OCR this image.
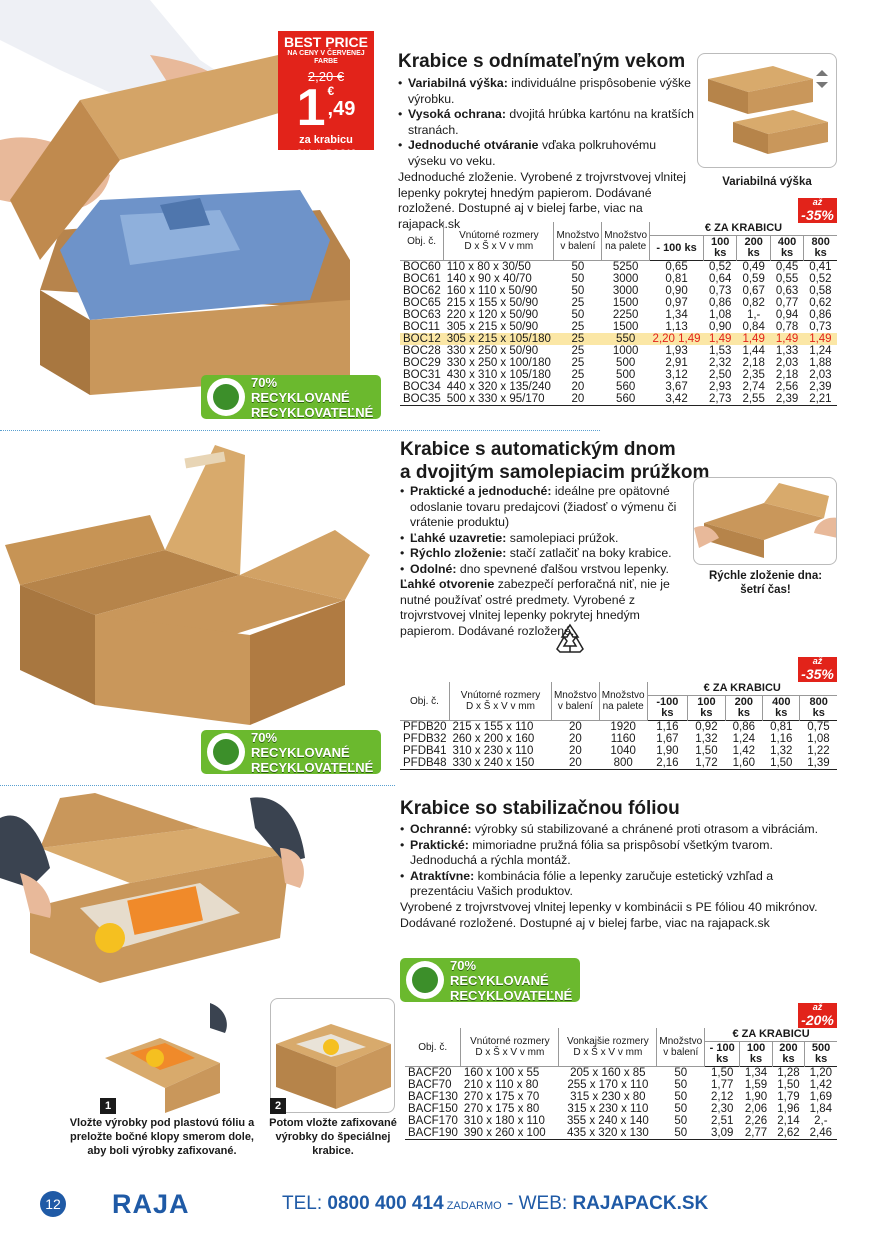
BEST PRICE
NA CENY V ČERVENEJ FARBE
2,20 €
1 €
,49
za krabicu
Obj. č. BOC12
70% RECYKLOVANÉ
RECYKLOVATEĽNÉ
Krabice s odnímateľným vekom
• Variabilná výška: individuálne prispôsobenie výške výrobku.
• Vysoká ochrana: dvojitá hrúbka kartónu na kratších stranách.
• Jednoduché otváranie vďaka polkruhovému výseku vo veku.
Jednoduché zloženie. Vyrobené z trojvrstvovej vlnitej lepenky pokrytej hnedým papierom. Dodávané rozložené. Dostupné aj v bielej farbe, viac na rajapack.sk
Variabilná výška
až
-35%
Obj. č.	Vnútorné rozmery
D x Š x V v mm	Množstvo v balení	Množstvo na palete	€ ZA KRABICU				
				- 100 ks	100 ks	200 ks	400 ks	800 ks
BOC60	110 x 80 x 30/50	50	5250	0,65	0,52	0,49	0,45	0,41
BOC61	140 x 90 x 40/70	50	3000	0,81	0,64	0,59	0,55	0,52
BOC62	160 x 110 x 50/90	50	3000	0,90	0,73	0,67	0,63	0,58
BOC65	215 x 155 x 50/90	25	1500	0,97	0,86	0,82	0,77	0,62
BOC63	220 x 120 x 50/90	50	2250	1,34	1,08	1,-	0,94	0,86
BOC11	305 x 215 x 50/90	25	1500	1,13	0,90	0,84	0,78	0,73
BOC12	305 x 215 x 105/180	25	550	2,20 1,49	1,49	1,49	1,49	1,49
BOC28	330 x 250 x 50/90	25	1000	1,93	1,53	1,44	1,33	1,24
BOC29	330 x 250 x 100/180	25	500	2,91	2,32	2,18	2,03	1,88
BOC31	430 x 310 x 105/180	25	500	3,12	2,50	2,35	2,18	2,03
BOC34	440 x 320 x 135/240	20	560	3,67	2,93	2,74	2,56	2,39
BOC35	500 x 330 x 95/170	20	560	3,42	2,73	2,55	2,39	2,21
70% RECYKLOVANÉ
RECYKLOVATEĽNÉ
Krabice s automatickým dnom
a dvojitým samolepiacim prúžkom
• Praktické a jednoduché: ideálne pre opätovné odoslanie tovaru predajcovi (žiadosť o výmenu či vrátenie produktu)
• Ľahké uzavretie: samolepiaci prúžok.
• Rýchlo zloženie: stačí zatlačiť na boky krabice.
• Odolné: dno spevnené ďalšou vrstvou lepenky.
Ľahké otvorenie zabezpečí perforačná niť, nie je nutné používať ostré predmety. Vyrobené z trojvrstvovej vlnitej lepenky pokrytej hnedým papierom. Dodávané rozložené.
Rýchle zloženie dna: šetrí čas!
až
-35%
Obj. č.	Vnútorné rozmery
D x Š x V v mm	Množstvo v balení	Množstvo na palete	€ ZA KRABICU				
				-100 ks	100 ks	200 ks	400 ks	800 ks
PFDB20	215 x 155 x 110	20	1920	1,16	0,92	0,86	0,81	0,75
PFDB32	260 x 200 x 160	20	1160	1,67	1,32	1,24	1,16	1,08
PFDB41	310 x 230 x 110	20	1040	1,90	1,50	1,42	1,32	1,22
PFDB48	330 x 240 x 150	20	800	2,16	1,72	1,60	1,50	1,39
1
Vložte výrobky pod plastovú fóliu a preložte bočné klopy smerom dole, aby boli výrobky zafixované.
2
Potom vložte zafixované výrobky do špeciálnej krabice.
Krabice so stabilizačnou fóliou
• Ochranné: výrobky sú stabilizované a chránené proti otrasom a vibráciám.
• Praktické: mimoriadne pružná fólia sa prispôsobí všetkým tvarom. Jednoduchá a rýchla montáž.
• Atraktívne: kombinácia fólie a lepenky zaručuje estetický vzhľad a prezentáciu Vašich produktov.
Vyrobené z trojvrstvovej vlnitej lepenky v kombinácii s PE fóliou 40 mikrónov. Dodávané rozložené. Dostupné aj v bielej farbe, viac na rajapack.sk
70% RECYKLOVANÉ
RECYKLOVATEĽNÉ
až
-20%
Obj. č.	Vnútorné rozmery
D x Š x V v mm	Vonkajšie rozmery
D x Š x V v mm	Množstvo v balení	€ ZA KRABICU			
				- 100 ks	100 ks	200 ks	500 ks
BACF20	160 x 100 x 55	205 x 160 x 85	50	1,50	1,34	1,28	1,20
BACF70	210 x 110 x 80	255 x 170 x 110	50	1,77	1,59	1,50	1,42
BACF130	270 x 175 x 70	315 x 230 x 80	50	2,12	1,90	1,79	1,69
BACF150	270 x 175 x 80	315 x 230 x 110	50	2,30	2,06	1,96	1,84
BACF170	310 x 180 x 110	355 x 240 x 140	50	2,51	2,26	2,14	2,-
BACF190	390 x 260 x 100	435 x 320 x 130	50	3,09	2,77	2,62	2,46
12 RAJA	TEL: 0800 400 414 ZADARMO - WEB: RAJAPACK.SK
